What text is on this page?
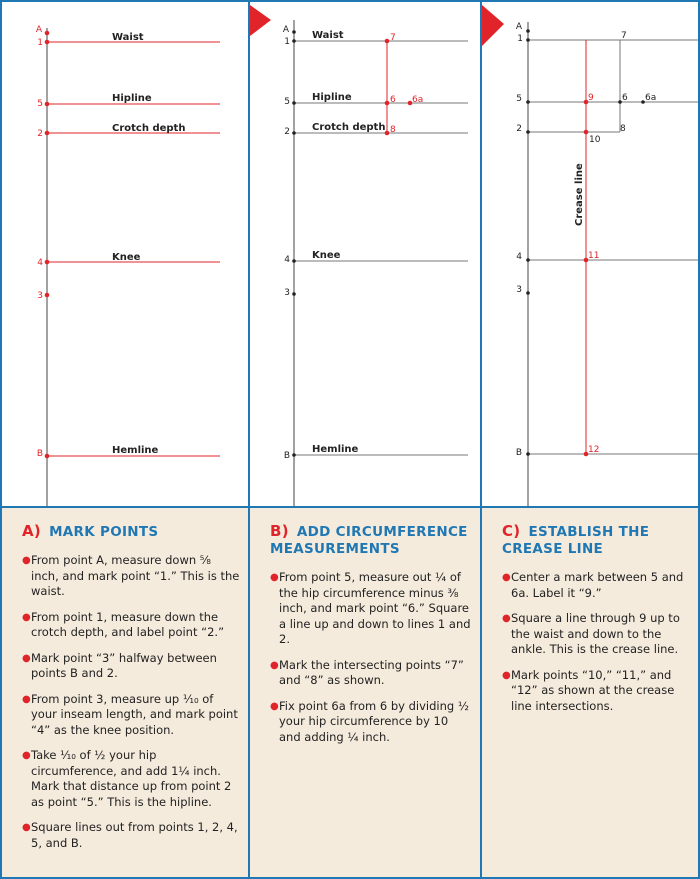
A
1
5
2
4
3
B
Waist
Hipline
Crotch depth
Knee
Hemline
A
1
5
2
4
3
B
7
6 6a
8
Waist
Hipline
Crotch depth
Knee
Hemline
A
1
5
2
4
3
B
7
6 6a
8
9
10
11
12
Crease line
A) MARK POINTS
● From point A, measure down ⅝ inch, and mark point “1.” This is the waist.
● From point 1, measure down the crotch depth, and label point “2.”
● Mark point “3” halfway between points B and 2.
● From point 3, measure up ⅒ of your inseam length, and mark point “4” as the knee position.
● Take ⅒ of ½ your hip circumference, and add 1¼ inch. Mark that distance up from point 2 as point “5.” This is the hipline.
● Square lines out from points 1, 2, 4, 5, and B.
B) ADD CIRCUMFERENCE
MEASUREMENTS
● From point 5, measure out ¼ of the hip circumference minus ⅜ inch, and mark point “6.” Square a line up and down to lines 1 and 2.
● Mark the intersecting points “7” and “8” as shown.
● Fix point 6a from 6 by dividing ½ your hip circumference by 10 and adding ¼ inch.
C) ESTABLISH THE
CREASE LINE
● Center a mark between 5 and 6a. Label it “9.”
● Square a line through 9 up to the waist and down to the ankle. This is the crease line.
● Mark points “10,” “11,” and “12” as shown at the crease line intersections.
